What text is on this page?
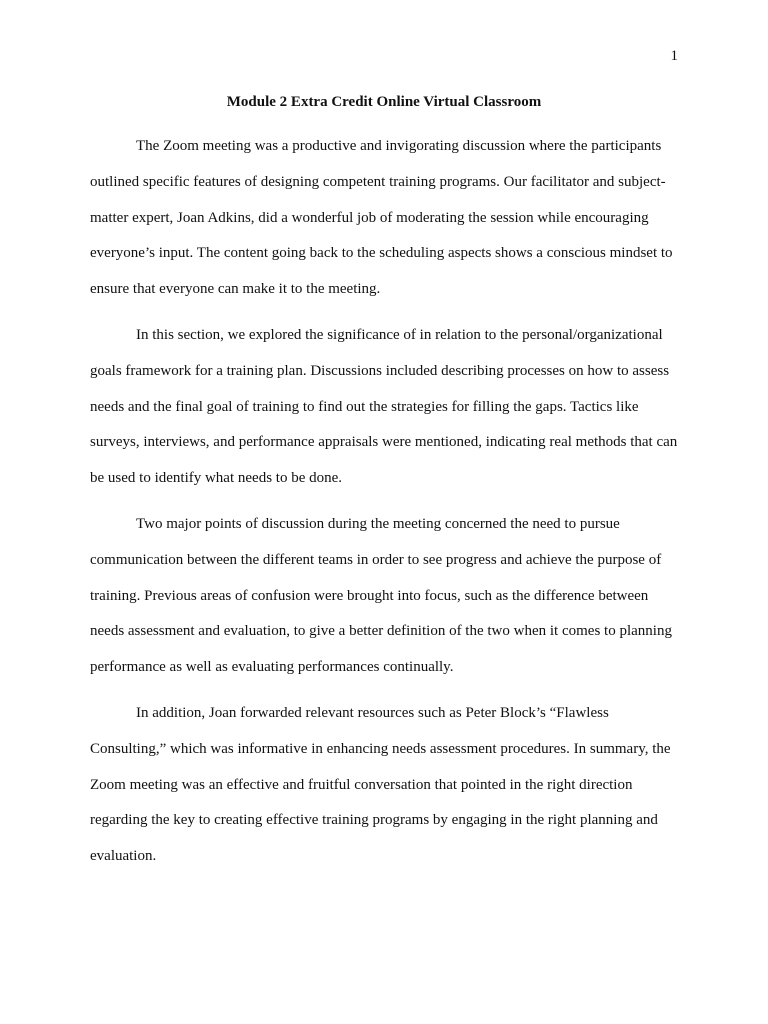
1
Module 2 Extra Credit Online Virtual Classroom

The Zoom meeting was a productive and invigorating discussion where the participants outlined specific features of designing competent training programs. Our facilitator and subject-matter expert, Joan Adkins, did a wonderful job of moderating the session while encouraging everyone’s input. The content going back to the scheduling aspects shows a conscious mindset to ensure that everyone can make it to the meeting.

In this section, we explored the significance of in relation to the personal/organizational goals framework for a training plan. Discussions included describing processes on how to assess needs and the final goal of training to find out the strategies for filling the gaps. Tactics like surveys, interviews, and performance appraisals were mentioned, indicating real methods that can be used to identify what needs to be done.

Two major points of discussion during the meeting concerned the need to pursue communication between the different teams in order to see progress and achieve the purpose of training. Previous areas of confusion were brought into focus, such as the difference between needs assessment and evaluation, to give a better definition of the two when it comes to planning performance as well as evaluating performances continually.

In addition, Joan forwarded relevant resources such as Peter Block’s “Flawless Consulting,” which was informative in enhancing needs assessment procedures. In summary, the Zoom meeting was an effective and fruitful conversation that pointed in the right direction regarding the key to creating effective training programs by engaging in the right planning and evaluation.
